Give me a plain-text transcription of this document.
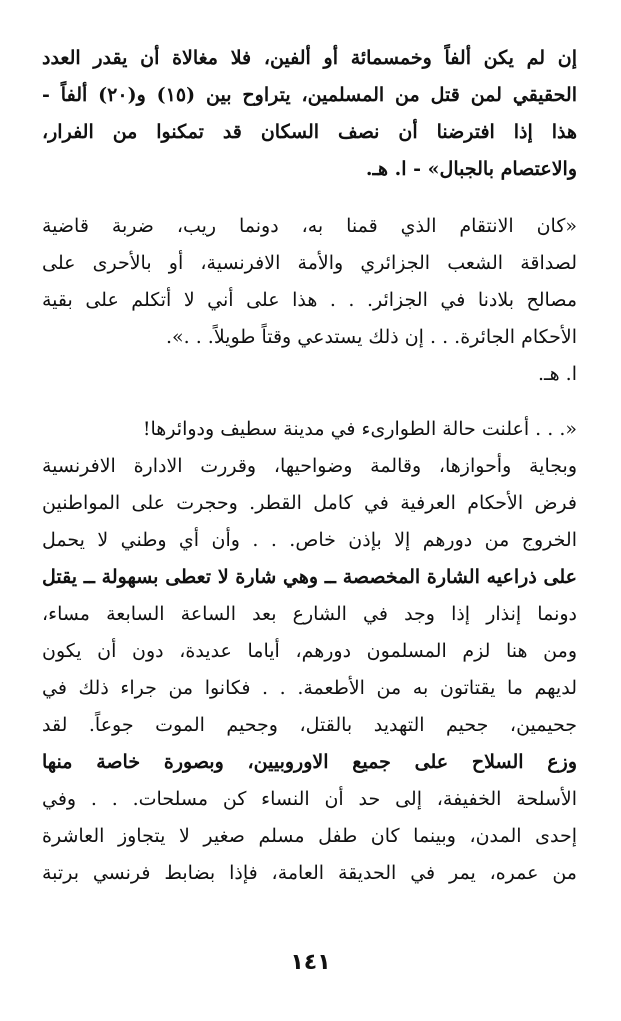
إن لم يكن ألفاً وخمسمائة أو ألفين، فلا مغالاة أن يقدر العدد
الحقيقي لمن قتل من المسلمين، يتراوح بين (١٥) و(٢٠) ألفاً -
هذا إذا افترضنا أن نصف السكان قد تمكنوا من الفرار،
والاعتصام بالجبال» - ا. هـ.
«كان الانتقام الذي قمنا به، دونما ريب، ضربة قاضية
لصداقة الشعب الجزائري والأمة الافرنسية، أو بالأحرى على
مصالح بلادنا في الجزائر. . . هذا على أني لا أتكلم على بقية
الأحكام الجائرة. . . إن ذلك يستدعي وقتاً طويلاً. . .».
ا. هـ.
«. . . أعلنت حالة الطوارىء في مدينة سطيف ودوائرها!
وبجاية وأحوازها، وقالمة وضواحيها، وقررت الادارة الافرنسية
فرض الأحكام العرفية في كامل القطر. وحجرت على المواطنين
الخروج من دورهم إلا بإذن خاص. . . وأن أي وطني لا يحمل
على ذراعيه الشارة المخصصة ــ وهي شارة لا تعطى بسهولة ــ يقتل
دونما إنذار إذا وجد في الشارع بعد الساعة السابعة مساء،
ومن هنا لزم المسلمون دورهم، أياما عديدة، دون أن يكون
لديهم ما يقتاتون به من الأطعمة. . . فكانوا من جراء ذلك في
جحيمين، جحيم التهديد بالقتل، وجحيم الموت جوعاً. لقد
وزع السلاح على جميع الاوروبيين، وبصورة خاصة منها
الأسلحة الخفيفة، إلى حد أن النساء كن مسلحات. . . وفي
إحدى المدن، وبينما كان طفل مسلم صغير لا يتجاوز العاشرة
من عمره، يمر في الحديقة العامة، فإذا بضابط فرنسي برتبة
١٤١
